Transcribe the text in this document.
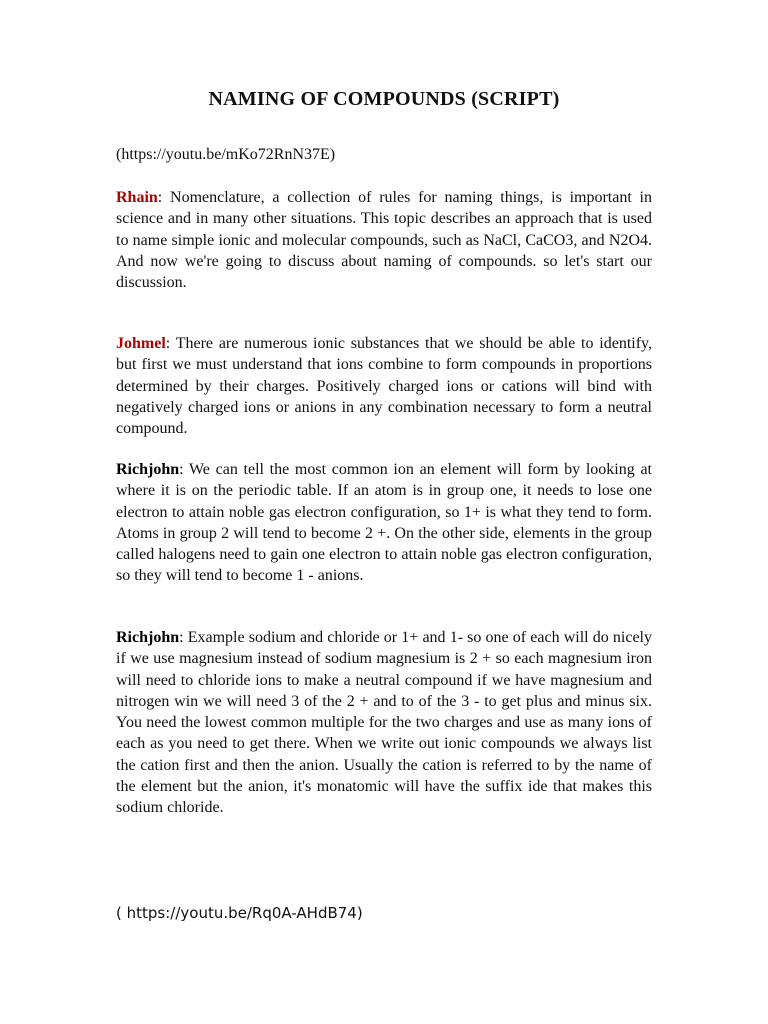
NAMING OF COMPOUNDS (SCRIPT)

(https://youtu.be/mKo72RnN37E)

Rhain: Nomenclature, a collection of rules for naming things, is important in science and in many other situations. This topic describes an approach that is used to name simple ionic and molecular compounds, such as NaCl, CaCO3, and N2O4. And now we're going to discuss about naming of compounds. so let's start our discussion.

Johmel: There are numerous ionic substances that we should be able to identify, but first we must understand that ions combine to form compounds in proportions determined by their charges. Positively charged ions or cations will bind with negatively charged ions or anions in any combination necessary to form a neutral compound.

Richjohn: We can tell the most common ion an element will form by looking at where it is on the periodic table. If an atom is in group one, it needs to lose one electron to attain noble gas electron configuration, so 1+ is what they tend to form. Atoms in group 2 will tend to become 2 +. On the other side, elements in the group called halogens need to gain one electron to attain noble gas electron configuration, so they will tend to become 1 - anions.

Richjohn: Example sodium and chloride or 1+ and 1- so one of each will do nicely if we use magnesium instead of sodium magnesium is 2 + so each magnesium iron will need to chloride ions to make a neutral compound if we have magnesium and nitrogen win we will need 3 of the 2 + and to of the 3 - to get plus and minus six. You need the lowest common multiple for the two charges and use as many ions of each as you need to get there. When we write out ionic compounds we always list the cation first and then the anion. Usually the cation is referred to by the name of the element but the anion, it's monatomic will have the suffix ide that makes this sodium chloride.

( https://youtu.be/Rq0A-AHdB74)
